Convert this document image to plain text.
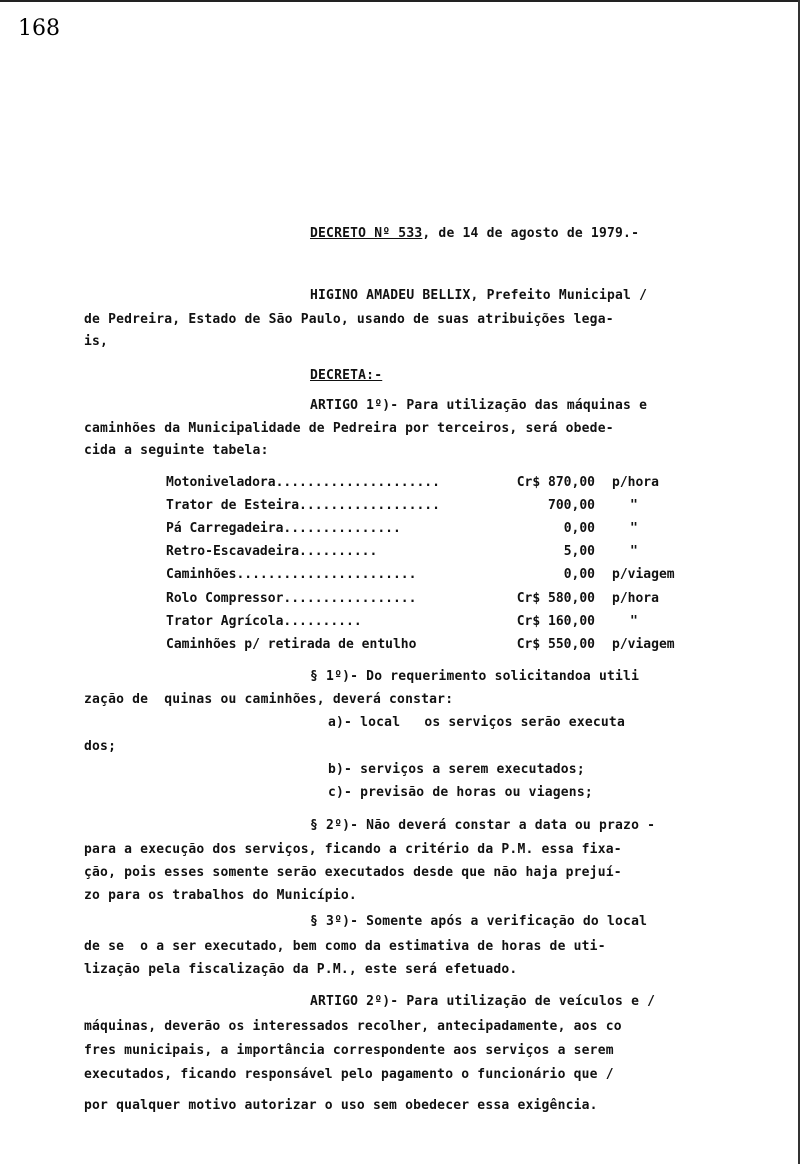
168
DECRETO Nº 533, de 14 de agosto de 1979.-
HIGINO AMADEU BELLIX, Prefeito Municipal /
de Pedreira, Estado de São Paulo, usando de suas atribuições lega-
is,
DECRETA:-
ARTIGO 1º)- Para utilização das máquinas e
caminhões da Municipalidade de Pedreira por terceiros, será obede-
cida a seguinte tabela:
Motoniveladora.....................	Cr$ 870,00 p/hora
Trator de Esteira..................	700,00	"
Pá Carregadeira...............	0,00	"
Retro-Escavadeira..........	5,00	"
Caminhões.......................	0,00 p/viagem
Rolo Compressor.................	Cr$ 580,00 p/hora
Trator Agrícola..........	Cr$ 160,00	"
Caminhões p/ retirada de entulho	Cr$ 550,00 p/viagem
§ 1º)- Do requerimento solicitandoa utili
zação de  quinas ou caminhões, deverá constar:
a)- local   os serviços serão executa
dos;
b)- serviços a serem executados;
c)- previsão de horas ou viagens;
§ 2º)- Não deverá constar a data ou prazo -
para a execução dos serviços, ficando a critério da P.M. essa fixa-
ção, pois esses somente serão executados desde que não haja prejuí-
zo para os trabalhos do Município.
§ 3º)- Somente após a verificação do local
de se  o a ser executado, bem como da estimativa de horas de uti-
lização pela fiscalização da P.M., este será efetuado.
ARTIGO 2º)- Para utilização de veículos e /
máquinas, deverão os interessados recolher, antecipadamente, aos co
fres municipais, a importância correspondente aos serviços a serem
executados, ficando responsável pelo pagamento o funcionário que /
por qualquer motivo autorizar o uso sem obedecer essa exigência.
